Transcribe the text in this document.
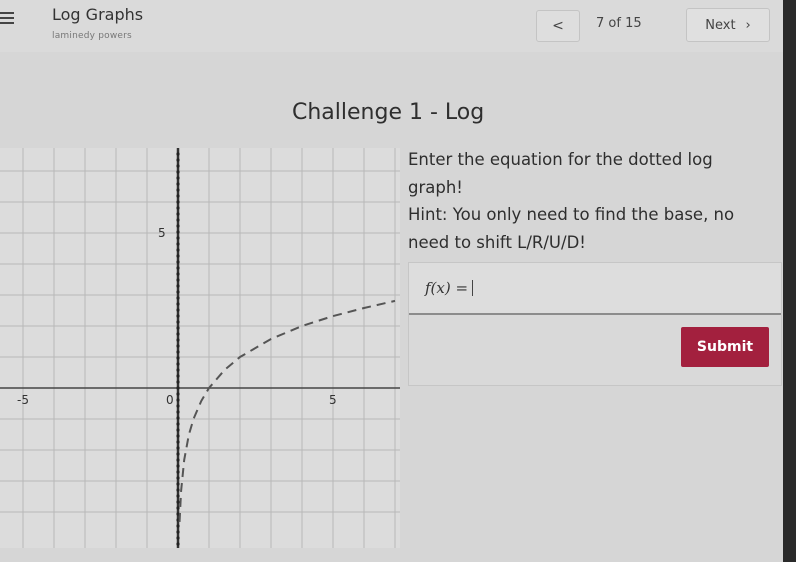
Log Graphs
laminedy powers
<	7 of 15	Next ›
Challenge 1 - Log
-5	0	5
5
Enter the equation for the dotted log
graph!
Hint: You only need to find the base, no
need to shift L/R/U/D!
f(x) =
Submit
